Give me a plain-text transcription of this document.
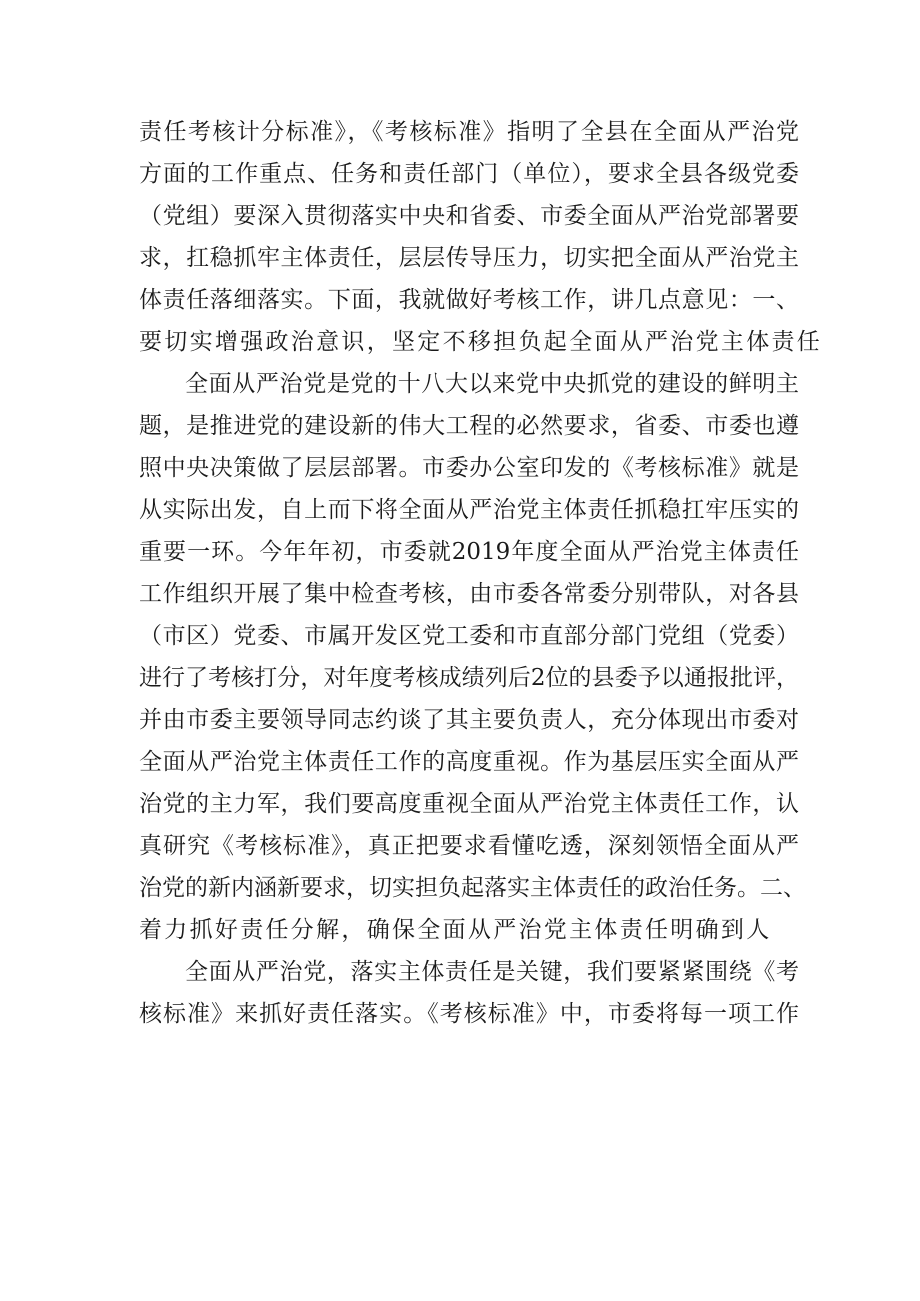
责任考核计分标准》，《考核标准》指明了全县在全面从严治党
方面的工作重点、任务和责任部门（单位），要求全县各级党委
（党组）要深入贯彻落实中央和省委、市委全面从严治党部署要
求，扛稳抓牢主体责任，层层传导压力，切实把全面从严治党主
体责任落细落实。下面，我就做好考核工作，讲几点意见：一、
要切实增强政治意识，坚定不移担负起全面从严治党主体责任
全面从严治党是党的十八大以来党中央抓党的建设的鲜明主
题，是推进党的建设新的伟大工程的必然要求，省委、市委也遵
照中央决策做了层层部署。市委办公室印发的《考核标准》就是
从实际出发，自上而下将全面从严治党主体责任抓稳扛牢压实的
重要一环。今年年初，市委就2019年度全面从严治党主体责任
工作组织开展了集中检查考核，由市委各常委分别带队，对各县
（市区）党委、市属开发区党工委和市直部分部门党组（党委）
进行了考核打分，对年度考核成绩列后2位的县委予以通报批评，
并由市委主要领导同志约谈了其主要负责人，充分体现出市委对
全面从严治党主体责任工作的高度重视。作为基层压实全面从严
治党的主力军，我们要高度重视全面从严治党主体责任工作，认
真研究《考核标准》，真正把要求看懂吃透，深刻领悟全面从严
治党的新内涵新要求，切实担负起落实主体责任的政治任务。二、
着力抓好责任分解，确保全面从严治党主体责任明确到人
全面从严治党，落实主体责任是关键，我们要紧紧围绕《考
核标准》来抓好责任落实。《考核标准》中，市委将每一项工作
